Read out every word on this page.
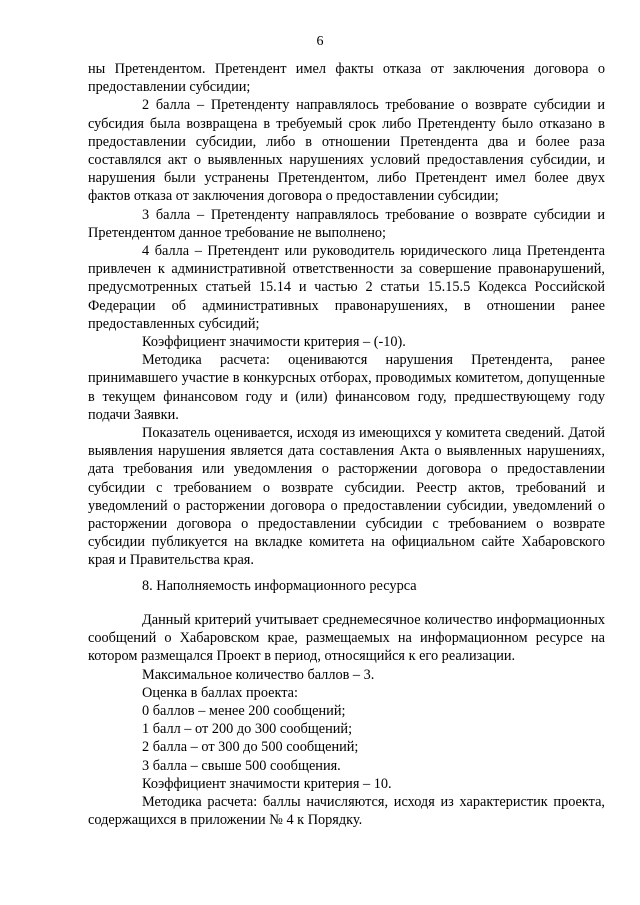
6

ны Претендентом. Претендент имел факты отказа от заключения договора о предоставлении субсидии;

2 балла – Претенденту направлялось требование о возврате субсидии и субсидия была возвращена в требуемый срок либо Претенденту было отказано в предоставлении субсидии, либо в отношении Претендента два и более раза составлялся акт о выявленных нарушениях условий предоставления субсидии, и нарушения были устранены Претендентом, либо Претендент имел более двух фактов отказа от заключения договора о предоставлении субсидии;

3 балла – Претенденту направлялось требование о возврате субсидии и Претендентом данное требование не выполнено;

4 балла – Претендент или руководитель юридического лица Претендента привлечен к административной ответственности за совершение правонарушений, предусмотренных статьей 15.14 и частью 2 статьи 15.15.5 Кодекса Российской Федерации об административных правонарушениях, в отношении ранее предоставленных субсидий;

Коэффициент значимости критерия – (-10).

Методика расчета: оцениваются нарушения Претендента, ранее принимавшего участие в конкурсных отборах, проводимых комитетом, допущенные в текущем финансовом году и (или) финансовом году, предшествующему году подачи Заявки.

Показатель оценивается, исходя из имеющихся у комитета сведений. Датой выявления нарушения является дата составления Акта о выявленных нарушениях, дата требования или уведомления о расторжении договора о предоставлении субсидии с требованием о возврате субсидии. Реестр актов, требований и уведомлений о расторжении договора о предоставлении субсидии, уведомлений о расторжении договора о предоставлении субсидии с требованием о возврате субсидии публикуется на вкладке комитета на официальном сайте Хабаровского края и Правительства края.

8. Наполняемость информационного ресурса

Данный критерий учитывает среднемесячное количество информационных сообщений о Хабаровском крае, размещаемых на информационном ресурсе на котором размещался Проект в период, относящийся к его реализации.

Максимальное количество баллов – 3.

Оценка в баллах проекта:

0 баллов – менее 200 сообщений;

1 балл – от 200 до 300 сообщений;

2 балла – от 300 до 500 сообщений;

3 балла – свыше 500 сообщения.

Коэффициент значимости критерия – 10.

Методика расчета: баллы начисляются, исходя из характеристик проекта, содержащихся в приложении № 4 к Порядку.
